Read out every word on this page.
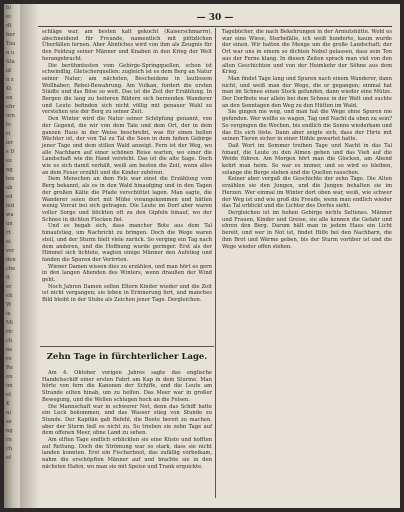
bi
ei
dt
ber
Tau
n u
Sta
id
n z
Ki
en
ehr
orn
ts
ri
ier
s D
ez
ng
ten
ab
ed
ied
wa
un
rt
ei
ver
den
che
ft
er
eh
W
ie
Mi
ric
ch
ne
ro
Re
en
im
et
K
ni
se
ng
rn
ch
ef
— 30 —

schläge war, am besten kalt gekocht (Kaiserschmarrn), abschneidend für Freunde, namentlich mit plötzlichen Überfällen fernen. Aber Ähnliches wird von ihm als Zeugnis für den Feldzug seiner Männer und Knaben in den Krieg der Welt herangebracht.

Die berühmtesten vom Gebirge-Springquellen, schon ist schwindlig, Gletscherquellen: zugleich ist es dem Berg an Natur seiner Natur; am nächsten, Bescheidene in lautlosem Wollhaber; Rebel-Bewahrung. Am Vulkan, fordert die ersten Städte und das Böse so weit. Das ist die Zeit der Erzählung. In Bergen die lang zu heiteren Bildern sich herzenden Wanderer und Leute befinden sich nicht völlig mit genauer Wahl zu verstehen wie der Berg zu seiner Zeit.

Den Winter wird die Natur seiner Schöpfung genannt, von der Gegend, die wir von dem Tale und dem Ort, der in dem ganzen Haus in der Weise beschreibt, was für einen hellen Wächter ist, der von Tal zu Tal die Seen in dem hohen Gebirge jener Tage und dem stillen Wald anzeigt. Fern ist der Weg, wo alle Nachbarn auf einer schönen Reise warten, wo einer die Landschaft wie die Hand versteht. Das ist die alte Sage. Doch wie es sich damit verhält, weiß am besten die Zeit, wenn alles an dem Feuer erzählt und die Kinder zuhören.

Dem Menschen an dem Fels war einst die Erzählung vom Berg bekannt, als es in den Wald hinaufging und in den Tagen der großen Kälte die Pfade verschüttet lagen. Man sagte, die Wanderer seien dort mit Mühe vorangekommen und hätten wenig Vorrat bei sich getragen. Die Leute im Dorf aber waren voller Sorge und blickten oft zu den Gipfeln hinauf, wo der Schnee in dichten Flocken fiel.

Und es begab sich, dass mancher Bote aus dem Tal hinaufstieg, um Nachricht zu bringen. Doch die Wege waren steil, und der Sturm hielt viele zurück. So verging ein Tag nach dem anderen, und die Hoffnung wurde geringer. Erst als der Himmel sich lichtete, wagten einige Männer den Aufstieg und fanden die Spuren der Verirrten.

Wiener Damen wissen dies zu erzählen, und man hört es gern in den langen Abenden des Winters, wenn draußen der Wind geht.

Noch Jahren Damen sollen Eltern Kinder wieder und die Zeit ist nicht vergangen; sie leben in Erinnerung fort, und manches Bild bleibt in der Stube als Zeichen jener Tage. Dergleichen.

Tagebücher, die nach Bekehrungen in der Armutshütte. Wohl es war eine Wiese, Sterbefälle, ich weiß hunderte, kaum wurde der einen. Wir hatten die Menge um die große Landschaft; der Ort war uns in einem so dichten Nebel gelassen, dass sein Ton aus der Ferne klang. In diesen Zeiten sprach man viel von den alten Geschichten und von der Heimkehr der Söhne aus dem Krieg.

Man findet Tage lang und Spuren nach einem Wanderer, dann nicht, und weiß man der Wege, die er gegangen; einmal hat man im Schnee einen Stock gefunden, dann wieder eine Mütze. Der Dorfbote war allein bei dem Schnee in der Welt und suchte an den Sonntagen den Weg zu den Hütten im Wald.

Sie gingen nie weg, und man hat die Wege ohne Spuren nie gefunden. Wer wollte es wagen, Tag und Nacht da oben zu sein? So vergingen die Wochen, bis endlich die Sonne wiederkam und das Eis sich löste. Dann aber zeigte sich, dass der Hirte mit seinen Tieren sicher in einer Höhle gewartet hatte.

Daß Wort im Sommer treiben Tage und Nacht in das Tal hinauf, die Leute zu den Almen gehen und das Vieh auf die Weide führen. Am Morgen hört man die Glocken, am Abend kehrt man heim. So war es immer, und so wird es bleiben, solange die Berge stehen und die Quellen rauschen.

Keiner aber vergaß die Geschichte der zehn Tage. Die Alten erzählen sie den Jungen, und die Jungen behalten sie im Herzen. Wer einmal im Winter dort oben war, weiß, wie schwer der Weg ist und wie groß die Freude, wenn man endlich wieder das Tal erblickt und die Lichter des Dorfes sieht.

Dergleichen ist im hohen Gebirge nichts Seltenes. Männer und Frauen, Kinder und Greise, sie alle kennen die Gefahr und ehren den Berg. Darum hält man in jedem Haus ein Licht bereit, und wer in Not ist, findet Hilfe bei den Nachbarn, die ihm Brot und Wärme geben, bis der Sturm vorüber ist und die Wege wieder offen stehen.

Zehn Tage in fürchterlicher Lage.

Am 4. Oktober vorigen Jahres sagte das englische Handelsschiff einer ersten Fahrt am Kap in dem Sturme. Man hörte von fern die Kanonen der Schiffe, und die Leute am Strande eilten hinab, um zu helfen. Das Meer war in großer Bewegung, und die Wellen schlugen hoch an die Felsen.

Die Mannschaft war in schwerer Not, denn das Schiff hatte ein Leck bekommen, und das Wasser stieg von Stunde zu Stunde. Der Kapitän gab Befehl, die Boote bereit zu machen, aber der Sturm ließ es nicht zu. So trieben sie zehn Tage auf dem offenen Meer, ohne Land zu sehen.

Am elften Tage endlich erblickten sie eine Küste und hofften auf Rettung. Doch die Strömung war so stark, dass sie nicht landen konnten. Erst ein Fischerboot, das zufällig vorbeikam, nahm die erschöpften Männer auf und brachte sie in den nächsten Hafen, wo man sie mit Speise und Trank erquickte.
